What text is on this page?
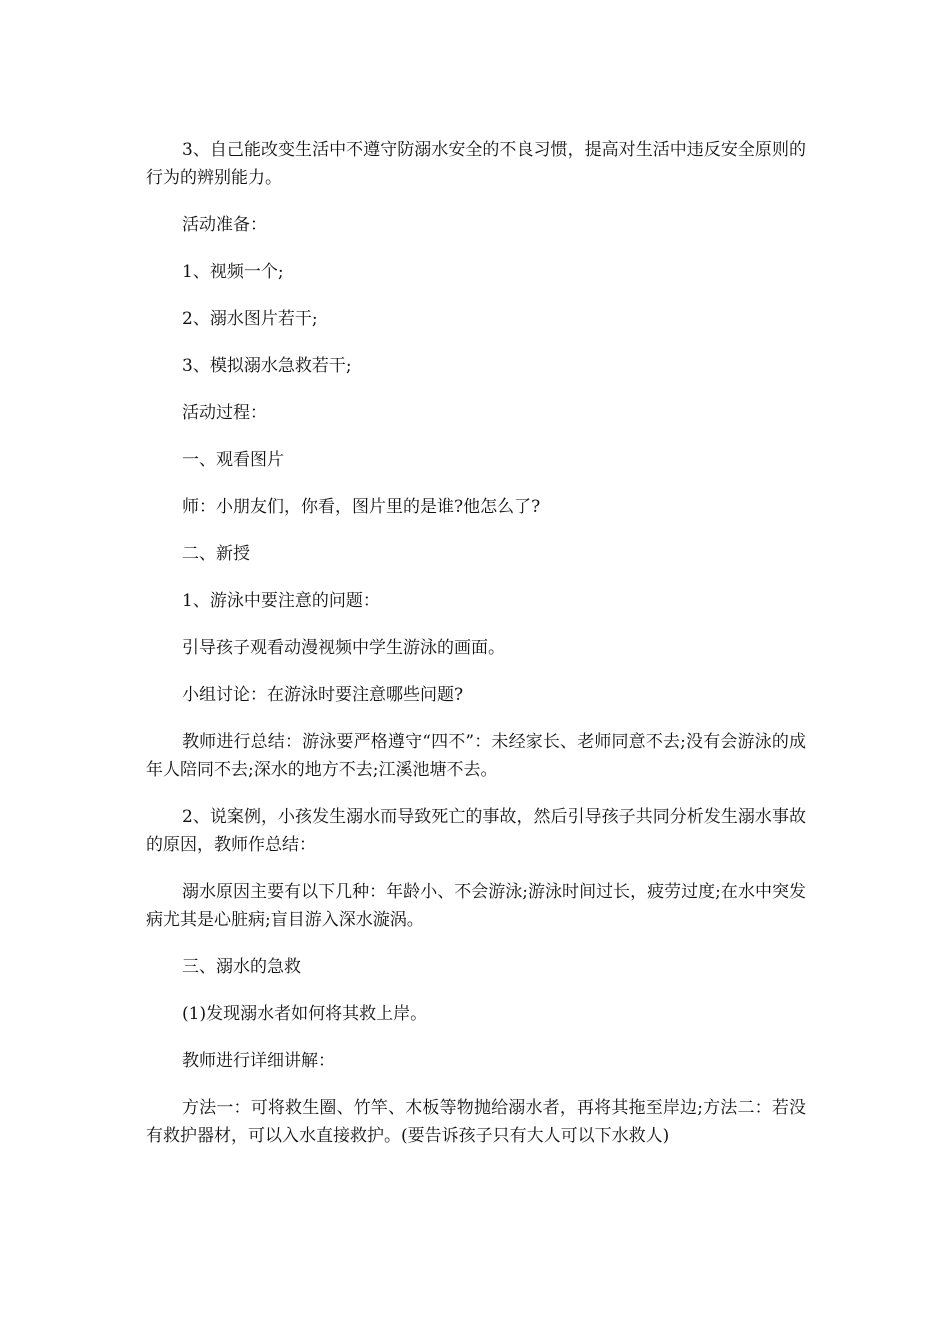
3、自己能改变生活中不遵守防溺水安全的不良习惯，提高对生活中违反安全原则的行为的辨别能力。

活动准备：

1、视频一个;

2、溺水图片若干;

3、模拟溺水急救若干;

活动过程：

一、观看图片

师：小朋友们，你看，图片里的是谁?他怎么了?

二、新授

1、游泳中要注意的问题：

引导孩子观看动漫视频中学生游泳的画面。

小组讨论：在游泳时要注意哪些问题?

教师进行总结：游泳要严格遵守“四不”：未经家长、老师同意不去;没有会游泳的成年人陪同不去;深水的地方不去;江溪池塘不去。

2、说案例，小孩发生溺水而导致死亡的事故，然后引导孩子共同分析发生溺水事故的原因，教师作总结：

溺水原因主要有以下几种：年龄小、不会游泳;游泳时间过长，疲劳过度;在水中突发病尤其是心脏病;盲目游入深水漩涡。

三、溺水的急救

(1)发现溺水者如何将其救上岸。

教师进行详细讲解：

方法一：可将救生圈、竹竿、木板等物抛给溺水者，再将其拖至岸边;方法二：若没有救护器材，可以入水直接救护。(要告诉孩子只有大人可以下水救人)
